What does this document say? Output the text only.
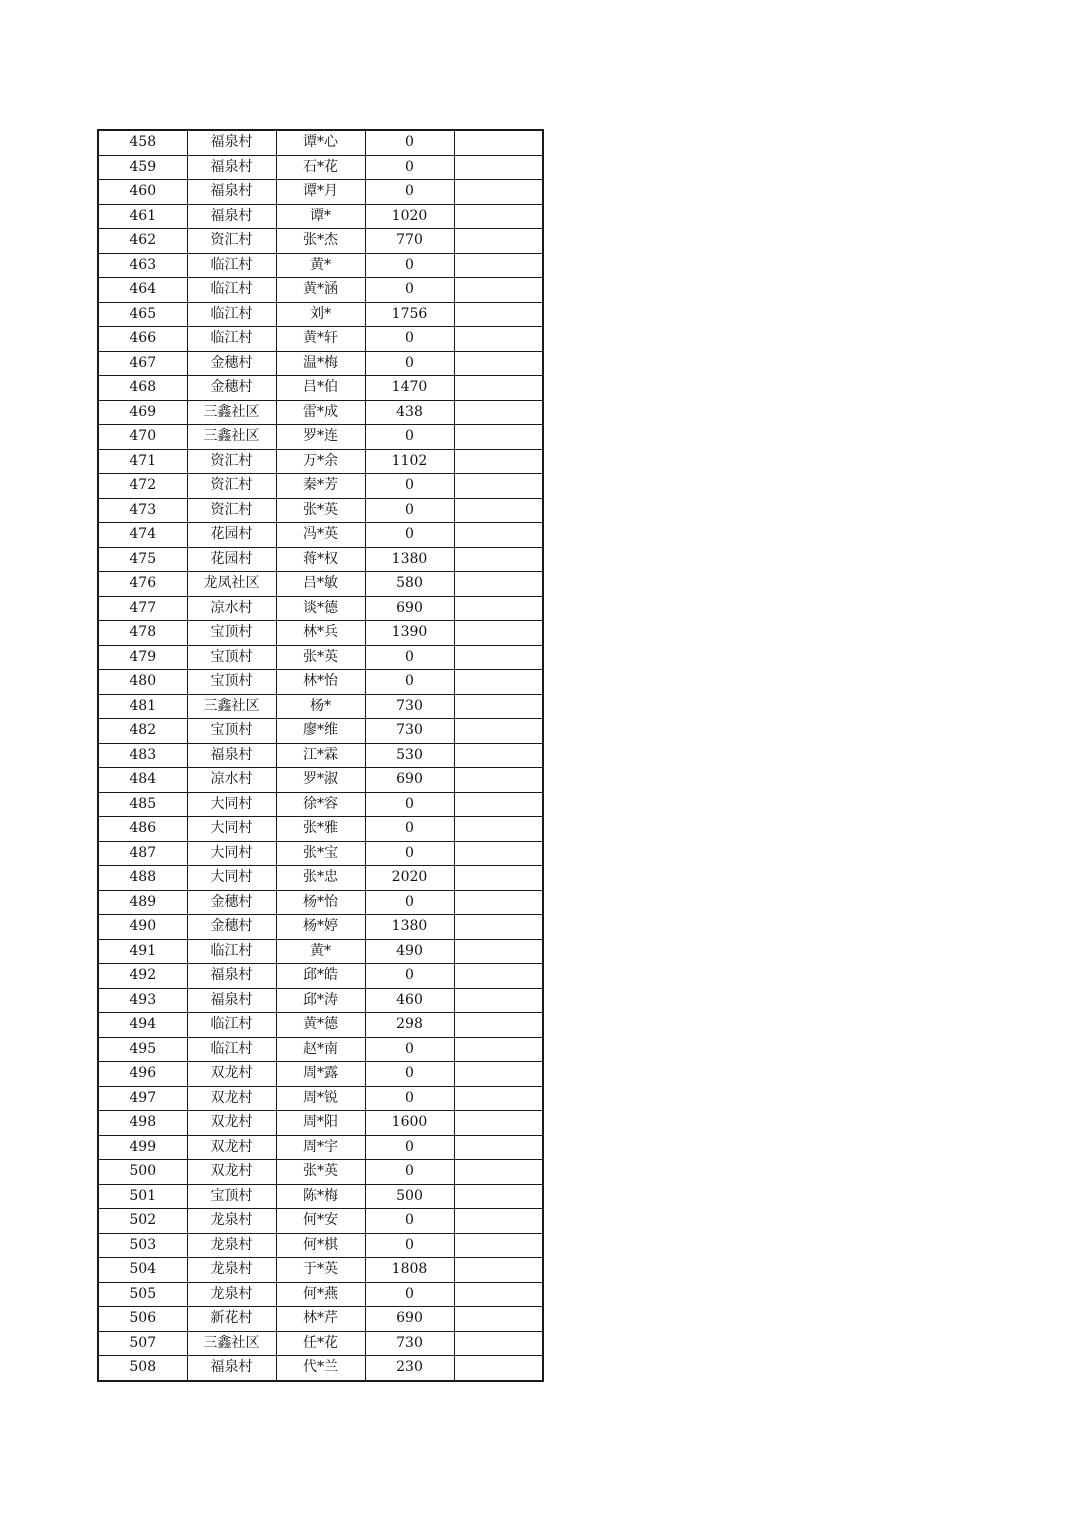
458	福泉村	谭*心	0	
459	福泉村	石*花	0	
460	福泉村	谭*月	0	
461	福泉村	谭*	1020	
462	资汇村	张*杰	770	
463	临江村	黄*	0	
464	临江村	黄*涵	0	
465	临江村	刘*	1756	
466	临江村	黄*轩	0	
467	金穗村	温*梅	0	
468	金穗村	吕*伯	1470	
469	三鑫社区	雷*成	438	
470	三鑫社区	罗*连	0	
471	资汇村	万*余	1102	
472	资汇村	秦*芳	0	
473	资汇村	张*英	0	
474	花园村	冯*英	0	
475	花园村	蒋*权	1380	
476	龙凤社区	吕*敏	580	
477	凉水村	谈*德	690	
478	宝顶村	林*兵	1390	
479	宝顶村	张*英	0	
480	宝顶村	林*怡	0	
481	三鑫社区	杨*	730	
482	宝顶村	廖*维	730	
483	福泉村	江*霖	530	
484	凉水村	罗*淑	690	
485	大同村	徐*容	0	
486	大同村	张*雅	0	
487	大同村	张*宝	0	
488	大同村	张*忠	2020	
489	金穗村	杨*怡	0	
490	金穗村	杨*婷	1380	
491	临江村	黄*	490	
492	福泉村	邱*皓	0	
493	福泉村	邱*涛	460	
494	临江村	黄*德	298	
495	临江村	赵*南	0	
496	双龙村	周*露	0	
497	双龙村	周*锐	0	
498	双龙村	周*阳	1600	
499	双龙村	周*宇	0	
500	双龙村	张*英	0	
501	宝顶村	陈*梅	500	
502	龙泉村	何*安	0	
503	龙泉村	何*棋	0	
504	龙泉村	于*英	1808	
505	龙泉村	何*燕	0	
506	新花村	林*芹	690	
507	三鑫社区	任*花	730	
508	福泉村	代*兰	230	
